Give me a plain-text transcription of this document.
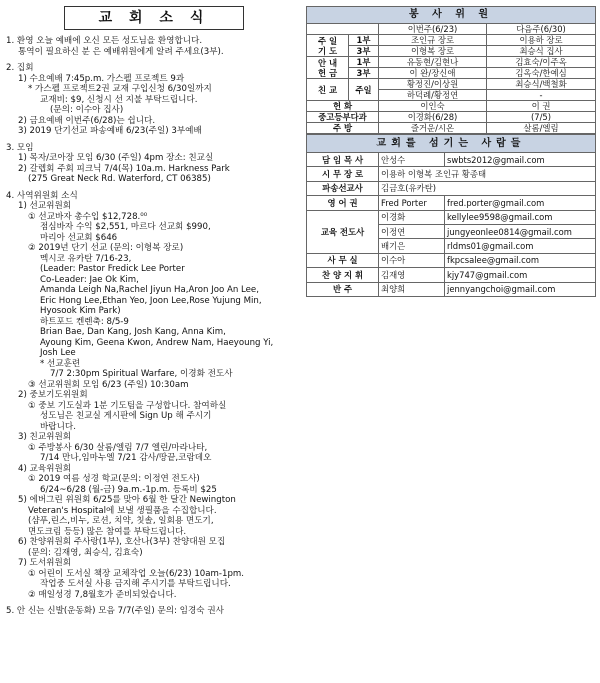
교 회 소 식
1. 환영 오늘 예배에 오신 모든 성도님을 환영합니다.
통역이 필요하신 분 은 예배위원에게 알려 주세요(3부).
2. 집회
1) 수요예배 7:45p.m. 가스펠 프로젝트 9과
* 가스펠 프로젝트2권 교재 구입신청 6/30일까지
교재비: $9, 신청시 선 지불 부탁드립니다.
(문의: 이수아 집사)
2) 금요예배 이번주(6/28)는 쉽니다.
3) 2019 단기선교 파송예배 6/23(주일) 3부예배
3. 모임
1) 목자/코아장 모임 6/30 (주일) 4pm 장소: 친교실
2) 갈렙회 주회 피크닉 7/4(목) 10a.m. Harkness Park
(275 Great Neck Rd. Waterford, CT 06385)
4. 사역위원회 소식
1) 선교위원회
① 선교바자 총수입 $12,728.⁰⁰
점심바자 수익 $2,551, 마르다 선교회 $990,
마리아 선교회 $646
② 2019년 단기 선교 (문의: 이형복 장로)
멕시코 유카탄 7/16-23,
(Leader: Pastor Fredick Lee Porter
Co-Leader: Jae Ok Kim,
Amanda Leigh Na,Rachel Jiyun Ha,Aron Joo An Lee,
Eric Hong Lee,Ethan Yeo, Joon Lee,Rose Yujung Min,
Hyosook Kim Park)
하트포드 켄렌축: 8/5-9
Brian Bae, Dan Kang, Josh Kang, Anna Kim,
Ayoung Kim, Geena Kwon, Andrew Nam, Haeyoung Yi,
Josh Lee
* 선교훈련
7/7 2:30pm Spiritual Warfare, 이경화 전도사
③ 선교위원회 모임 6/23 (주일) 10:30am
2) 중보기도위원회
① 중보 기도실과 1분 기도팀을 구성합니다. 참여하실
성도님은 친교실 게시판에 Sign Up 해 주시기
바랍니다.
3) 친교위원회
① 주방봉사 6/30 살롬/엘림 7/7 엘린/마라나타,
7/14 만나,임마누엘 7/21 감사/땅끝,코람데오
4) 교육위원회
① 2019 여름 성경 학교(문의: 이정연 전도사)
6/24~6/28 (월-금) 9a.m.-1p.m. 등록비 $25
5) 에버그린 위원회 6/25를 맞아 6월 한 달간 Newington
Veteran's Hospital에 보낼 생필품을 수집합니다.
(샴푸,린스,비누, 로션, 치약, 칫솔, 일회용 면도기,
면도크림 등등) 많은 참여를 부탁드립니다.
6) 찬양위원회 주사랑(1부), 호산나(3부) 찬양대원 모집
(문의: 김재영, 최승식, 김효숙)
7) 도서위원회
① 어린이 도서실 책장 교체작업 오늘(6/23) 10am-1pm.
작업중 도서실 사용 금지해 주시기를 부탁드립니다.
② 매일성경 7,8월호가 준비되었습니다.
5. 안 신는 신발(운동화) 모음 7/7(주일) 문의: 임경숙 권사
봉 사 위 원			
		이번주(6/23)	다음주(6/30)
주 일
기 도	1부	조인규 장로	이용하 장로
	3부	이형복 장로	최승식 집사
안 내
헌 금	1부	유동현/김현나	김효숙/이주옥
	3부	이 완/장신애	김옥숙/한예심
친 교	주일	황정진/이상원	최승식/백철화
		하덕례/황정연	-
헌 화		이인숙	이 권
중고등부다과		이경화(6/28)	(7/5)
주 방		즐거운/시온	살롬/엘림
교회를 섬기는 사람들		
담 임 목 사	안성수	swbts2012@gmail.com
시 무 장 로	이용하 이형복 조인규 황종태	
파송선교사	김금호(유카탄)	
영 어 권	Fred Porter	fred.porter@gmail.com
교육 전도사	이경화	kellylee9598@gmail.com
	이정연	jungyeonlee0814@gmail.com
	배기은	rldms01@gmail.com
사 무 실	이수아	fkpcsalee@gmail.com
찬 양 지 휘	김재영	kjy747@gmail.com
반 주	최양희	jennyangchoi@gmail.com
